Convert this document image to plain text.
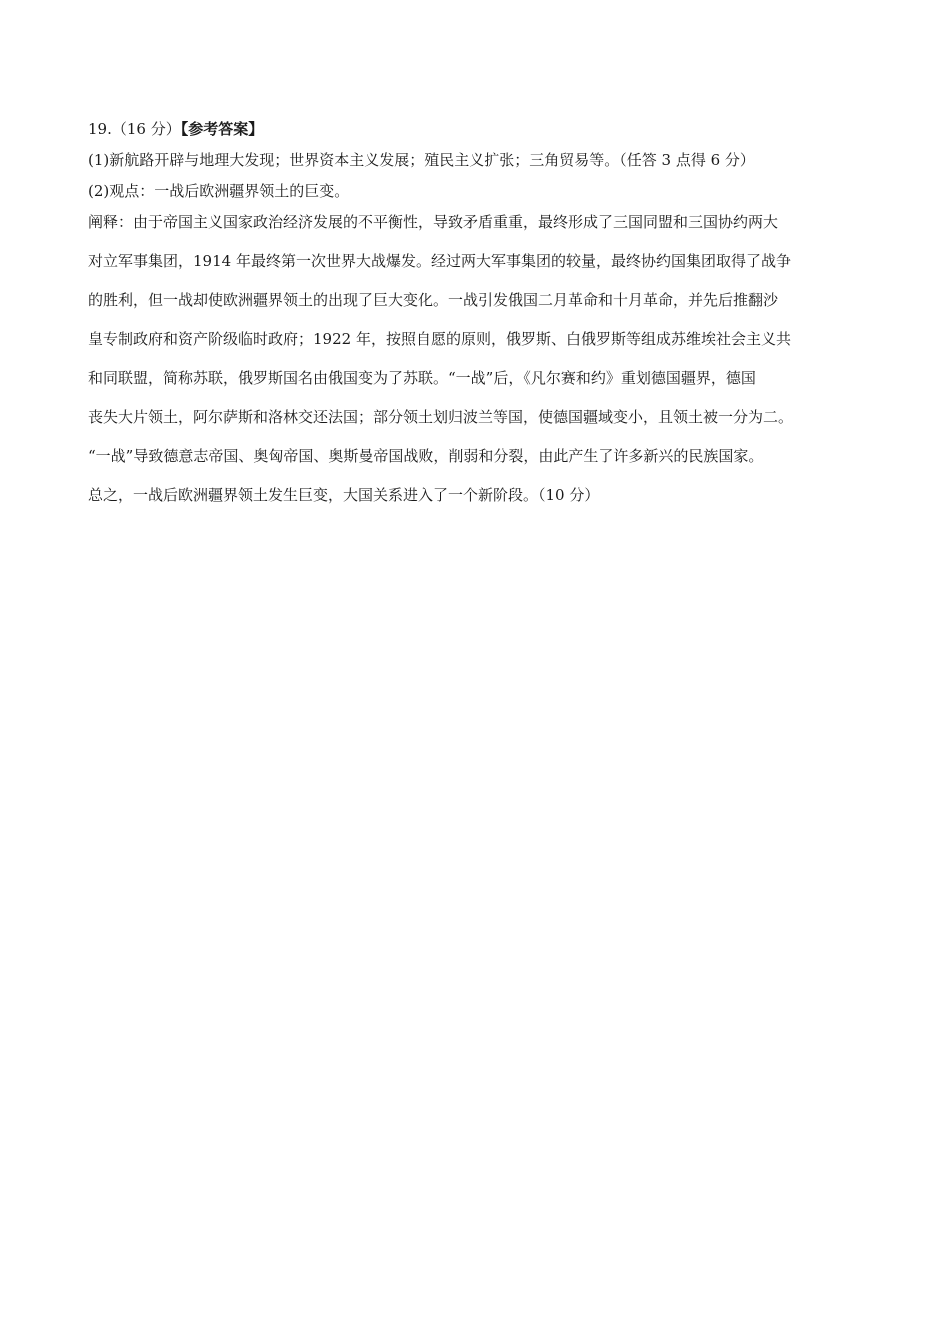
19.（16 分）【参考答案】

(1)新航路开辟与地理大发现；世界资本主义发展；殖民主义扩张；三角贸易等。（任答 3 点得 6 分）

(2)观点：一战后欧洲疆界领土的巨变。

阐释：由于帝国主义国家政治经济发展的不平衡性，导致矛盾重重，最终形成了三国同盟和三国协约两大

对立军事集团，1914 年最终第一次世界大战爆发。经过两大军事集团的较量，最终协约国集团取得了战争

的胜利，但一战却使欧洲疆界领土的出现了巨大变化。一战引发俄国二月革命和十月革命，并先后推翻沙

皇专制政府和资产阶级临时政府；1922 年，按照自愿的原则，俄罗斯、白俄罗斯等组成苏维埃社会主义共

和同联盟，简称苏联，俄罗斯国名由俄国变为了苏联。“一战”后，《凡尔赛和约》重划德国疆界，德国

丧失大片领土，阿尔萨斯和洛林交还法国；部分领土划归波兰等国，使德国疆域变小，且领土被一分为二。

“一战”导致德意志帝国、奥匈帝国、奥斯曼帝国战败，削弱和分裂，由此产生了许多新兴的民族国家。

总之，一战后欧洲疆界领土发生巨变，大国关系进入了一个新阶段。（10 分）
